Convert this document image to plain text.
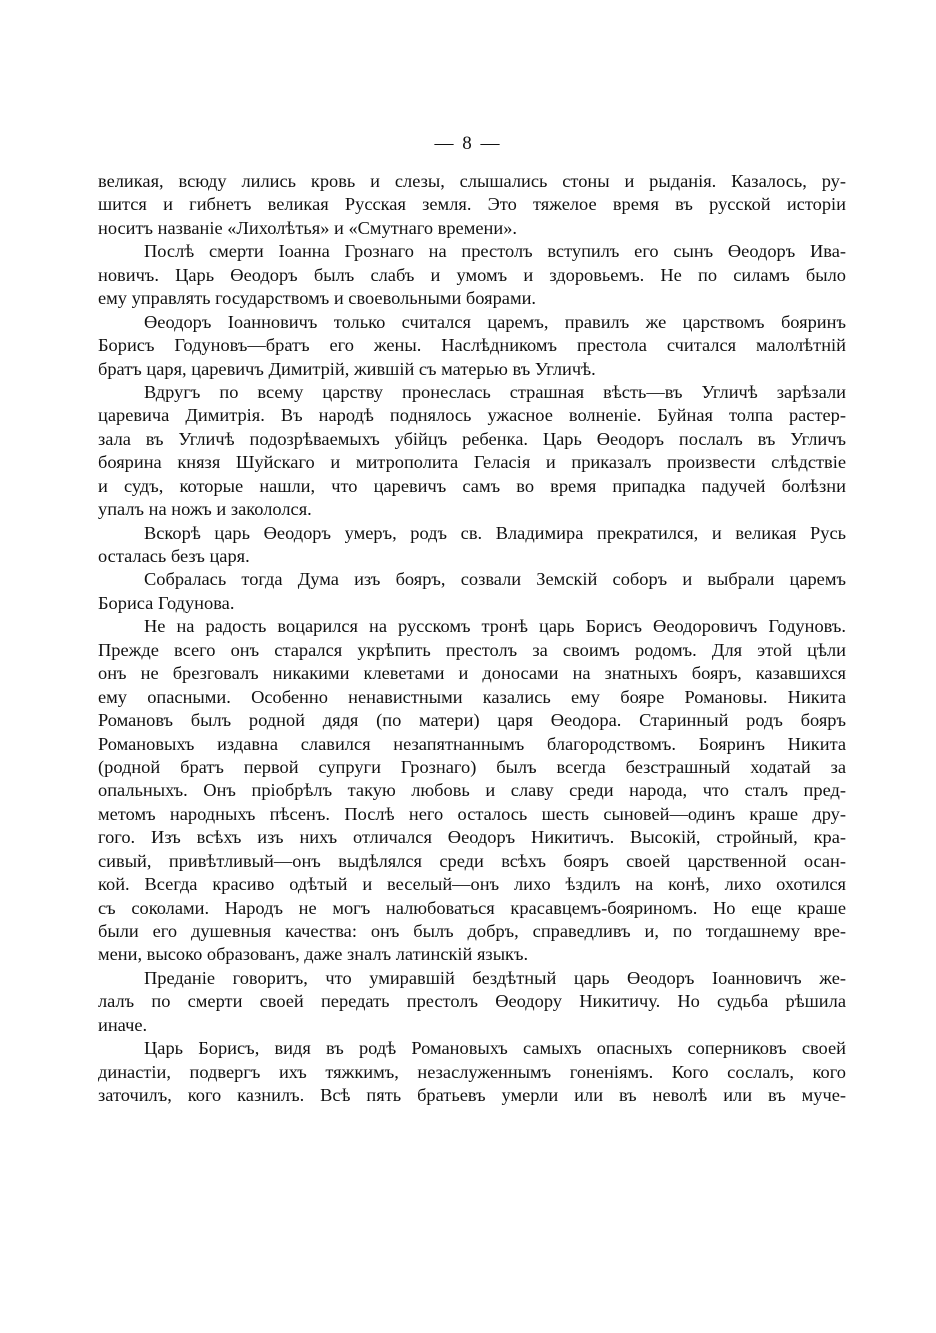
— 8 —
великая, всюду лились кровь и слезы, слышались стоны и рыданія. Казалось, ру-
шится и гибнетъ великая Русская земля. Это тяжелое время въ русской исторіи
носитъ названіе «Лихолѣтья» и «Смутнаго времени».
Послѣ смерти Іоанна Грознаго на престолъ вступилъ его сынъ Өеодоръ Ива-
новичъ. Царь Өеодоръ былъ слабъ и умомъ и здоровьемъ. Не по силамъ было
ему управлять государствомъ и своевольными боярами.
Өеодоръ Іоанновичъ только считался царемъ, правилъ же царствомъ бояринъ
Борисъ Годуновъ—братъ его жены. Наслѣдникомъ престола считался малолѣтній
братъ царя, царевичъ Димитрій, жившій съ матерью въ Угличѣ.
Вдругъ по всему царству пронеслась страшная вѣсть—въ Угличѣ зарѣзали
царевича Димитрія. Въ народѣ поднялось ужасное волненіе. Буйная толпа растер-
зала въ Угличѣ подозрѣваемыхъ убійцъ ребенка. Царь Өеодоръ послалъ въ Угличъ
боярина князя Шуйскаго и митрополита Геласія и приказалъ произвести слѣдствіе
и судъ, которые нашли, что царевичъ самъ во время припадка падучей болѣзни
упалъ на ножъ и закололся.
Вскорѣ царь Өеодоръ умеръ, родъ св. Владимира прекратился, и великая Русь
осталась безъ царя.
Собралась тогда Дума изъ бояръ, созвали Земскій соборъ и выбрали царемъ
Бориса Годунова.
Не на радость воцарился на русскомъ тронѣ царь Борисъ Өеодоровичъ Годуновъ.
Прежде всего онъ старался укрѣпить престолъ за своимъ родомъ. Для этой цѣли
онъ не брезговалъ никакими клеветами и доносами на знатныхъ бояръ, казавшихся
ему опасными. Особенно ненавистными казались ему бояре Романовы. Никита
Романовъ былъ родной дядя (по матери) царя Өеодора. Старинный родъ бояръ
Романовыхъ издавна славился незапятнаннымъ благородствомъ. Бояринъ Никита
(родной братъ первой супруги Грознаго) былъ всегда безстрашный ходатай за
опальныхъ. Онъ пріобрѣлъ такую любовь и славу среди народа, что сталъ пред-
метомъ народныхъ пѣсенъ. Послѣ него осталось шесть сыновей—одинъ краше дру-
гого. Изъ всѣхъ изъ нихъ отличался Өеодоръ Никитичъ. Высокій, стройный, кра-
сивый, привѣтливый—онъ выдѣлялся среди всѣхъ бояръ своей царственной осан-
кой. Всегда красиво одѣтый и веселый—онъ лихо ѣздилъ на конѣ, лихо охотился
съ соколами. Народъ не могъ налюбоваться красавцемъ-бояриномъ. Но еще краше
были его душевныя качества: онъ былъ добръ, справедливъ и, по тогдашнему вре-
мени, высоко образованъ, даже зналъ латинскій языкъ.
Преданіе говоритъ, что умиравшій бездѣтный царь Өеодоръ Іоанновичъ же-
лалъ по смерти своей передать престолъ Өеодору Никитичу. Но судьба рѣшила
иначе.
Царь Борисъ, видя въ родѣ Романовыхъ самыхъ опасныхъ соперниковъ своей
династіи, подвергъ ихъ тяжкимъ, незаслуженнымъ гоненіямъ. Кого сослалъ, кого
заточилъ, кого казнилъ. Всѣ пять братьевъ умерли или въ неволѣ или въ муче-
